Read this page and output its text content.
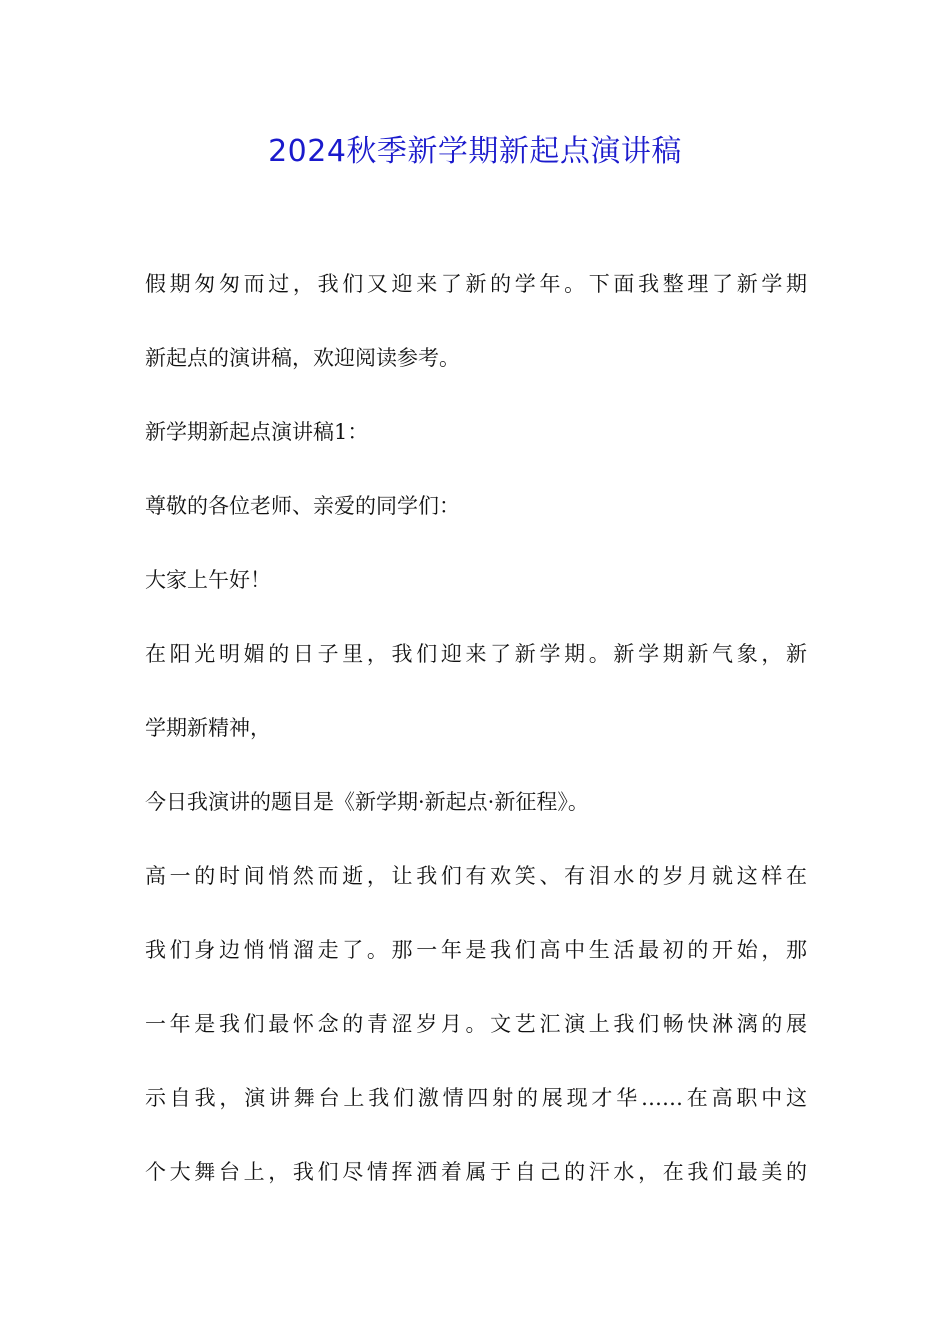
2024秋季新学期新起点演讲稿
假期匆匆而过，我们又迎来了新的学年。下面我整理了新学期
新起点的演讲稿，欢迎阅读参考。
新学期新起点演讲稿1：
尊敬的各位老师、亲爱的同学们：
大家上午好！
在阳光明媚的日子里，我们迎来了新学期。新学期新气象，新
学期新精神，
今日我演讲的题目是《新学期·新起点·新征程》。
高一的时间悄然而逝，让我们有欢笑、有泪水的岁月就这样在
我们身边悄悄溜走了。那一年是我们高中生活最初的开始，那
一年是我们最怀念的青涩岁月。文艺汇演上我们畅快淋漓的展
示自我，演讲舞台上我们激情四射的展现才华……在高职中这
个大舞台上，我们尽情挥洒着属于自己的汗水，在我们最美的
